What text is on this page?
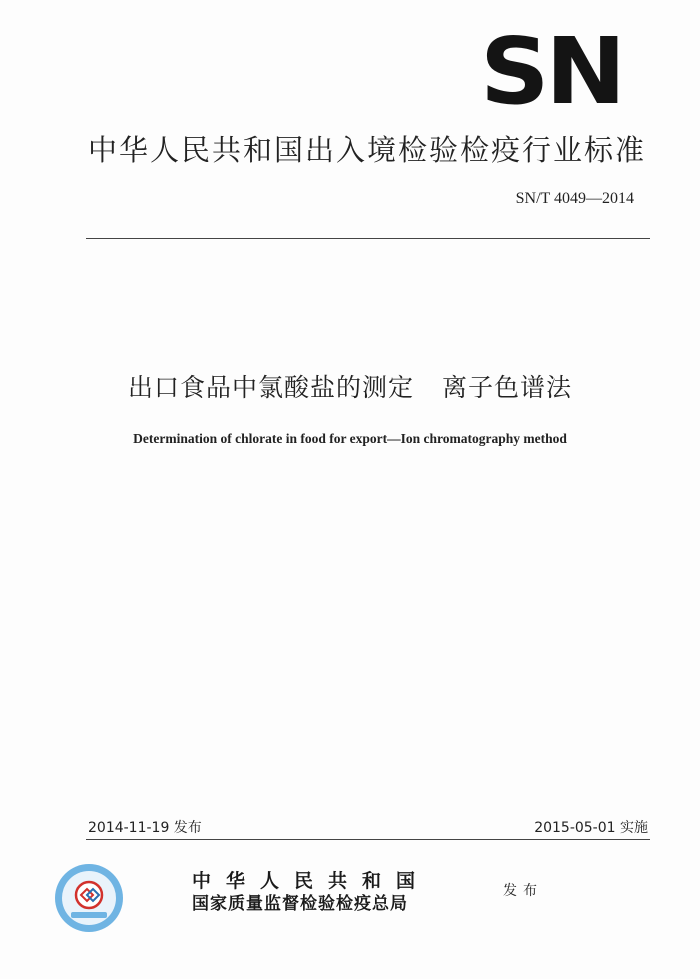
SN
中华人民共和国出入境检验检疫行业标准
SN/T 4049—2014
出口食品中氯酸盐的测定 离子色谱法
Determination of chlorate in food for export—Ion chromatography method
2014-11-19 发布	2015-05-01 实施
中华人民共和国
国家质量监督检验检疫总局
发布
